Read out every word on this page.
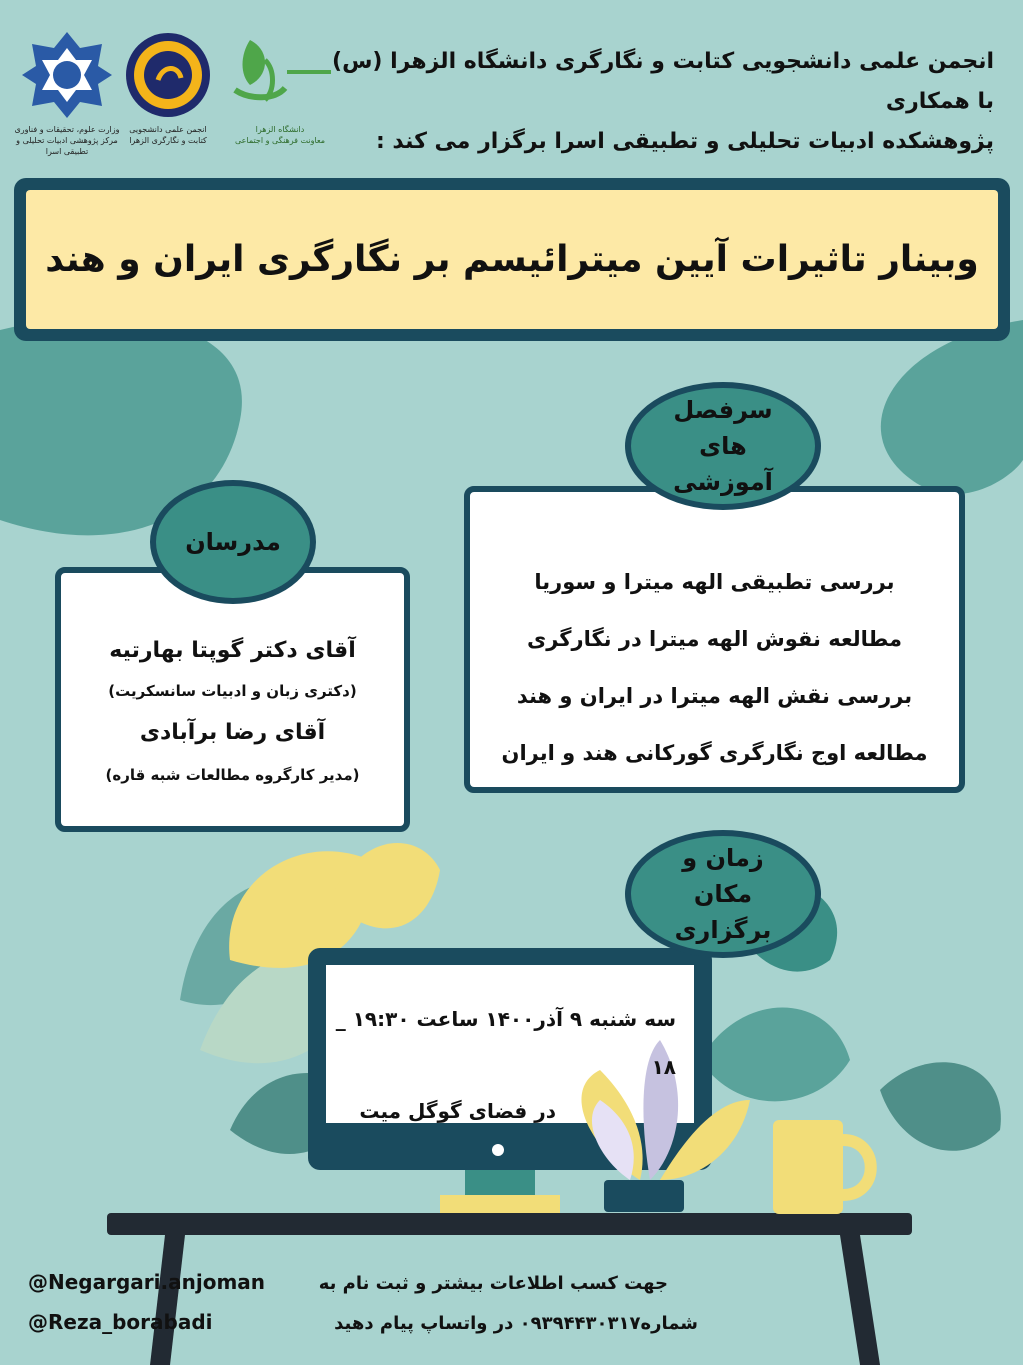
انجمن علمی دانشجویی کتابت و نگارگری دانشگاه الزهرا (س) با همکاری
پژوهشکده ادبیات تحلیلی و تطبیقی اسرا برگزار می کند :
وزارت علوم، تحقیقات و فناوری
مرکز پژوهشی ادبیات تحلیلی و تطبیقی اسرا
انجمن علمی دانشجویی
کتابت و نگارگری الزهرا
دانشگاه الزهرا
معاونت فرهنگی و اجتماعی
وبینار تاثیرات آیین میترائیسم بر نگارگری ایران و هند
بررسی تطبیقی الهه میترا و سوریا
مطالعه نقوش الهه میترا در نگارگری
بررسی نقش الهه میترا در ایران و هند
مطالعه اوج نگارگری گورکانی هند و ایران
سرفصل های آموزشی
آقای دکتر گوپتا بهارتیه
(دکتری زبان و ادبیات سانسکریت)
آقای رضا برآبادی
(مدیر کارگروه مطالعات شبه قاره)
مدرسان
زمان و مکان برگزاری
سه شنبه ۹ آذر۱۴۰۰ ساعت ۱۹:۳۰ _ ۱۸
در فضای گوگل میت
@Negargari.anjoman
@Reza_borabadi
جهت کسب اطلاعات بیشتر و ثبت نام به
شماره۰۹۳۹۴۴۳۰۳۱۷ در واتساپ پیام دهید
